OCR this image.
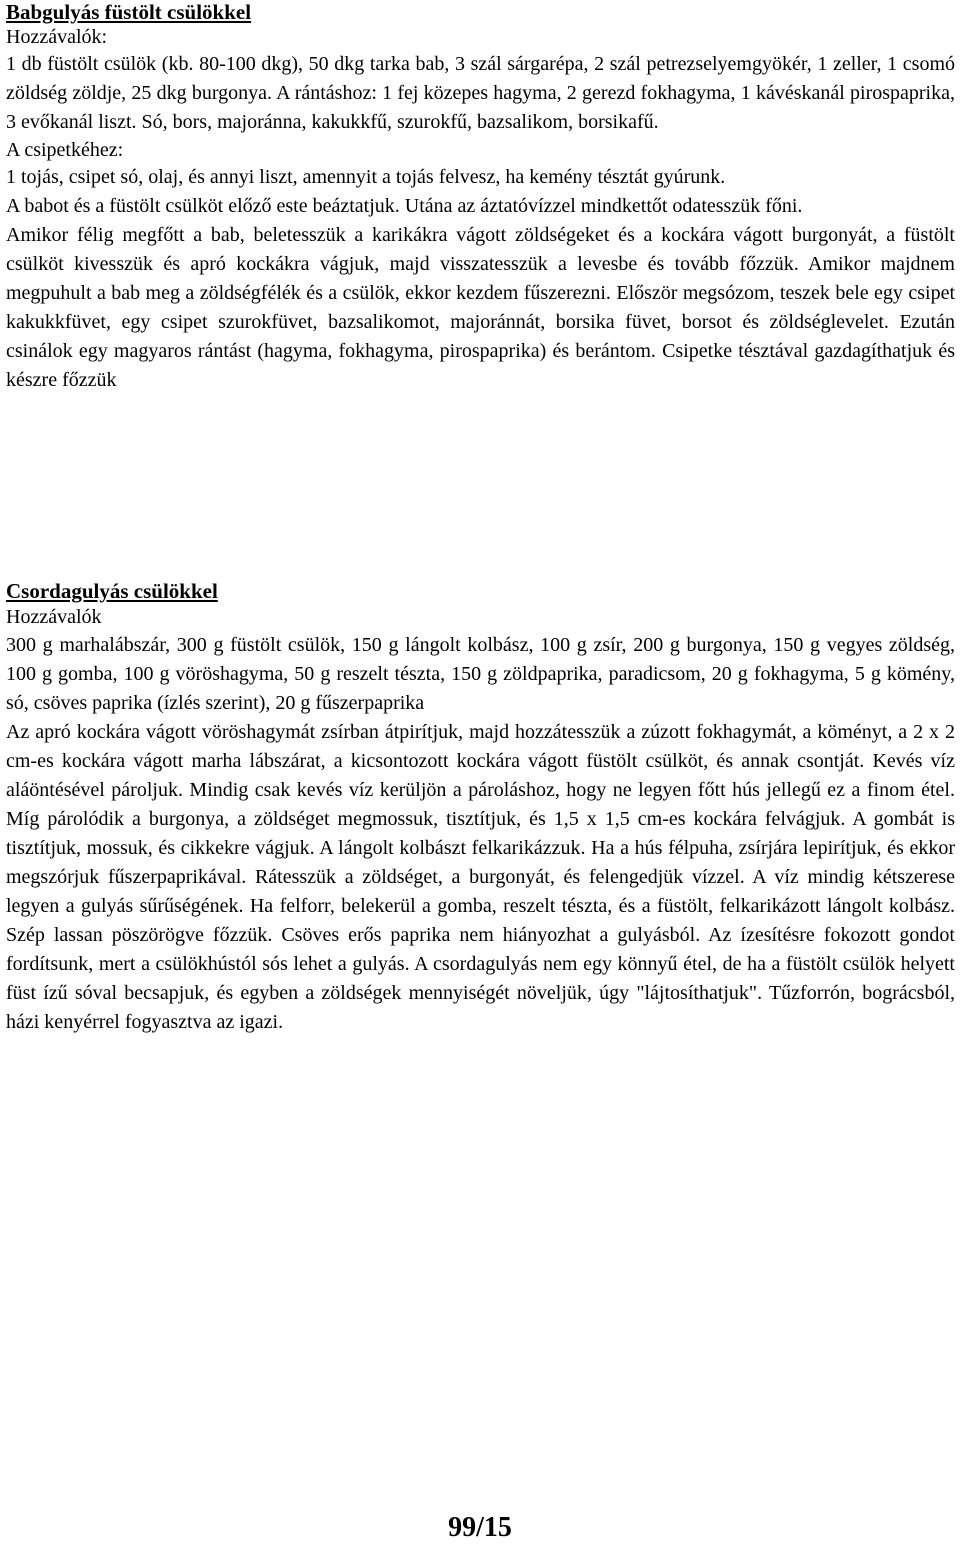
Babgulyás füstölt csülökkel

Hozzávalók:

1 db füstölt csülök (kb. 80-100 dkg), 50 dkg tarka bab, 3 szál sárgarépa, 2 szál petrezselyemgyökér, 1 zeller, 1 csomó zöldség zöldje, 25 dkg burgonya. A rántáshoz: 1 fej közepes hagyma, 2 gerezd fokhagyma, 1 kávéskanál pirospaprika, 3 evőkanál liszt. Só, bors, majoránna, kakukkfű, szurokfű, bazsalikom, borsikafű.

A csipetkéhez:

1 tojás, csipet só, olaj, és annyi liszt, amennyit a tojás felvesz, ha kemény tésztát gyúrunk.

A babot és a füstölt csülköt előző este beáztatjuk. Utána az áztatóvízzel mindkettőt odatesszük főni.

Amikor félig megfőtt a bab, beletesszük a karikákra vágott zöldségeket és a kockára vágott burgonyát, a füstölt csülköt kivesszük és apró kockákra vágjuk, majd visszatesszük a levesbe és tovább főzzük. Amikor majdnem megpuhult a bab meg a zöldségfélék és a csülök, ekkor kezdem fűszerezni. Először megsózom, teszek bele egy csipet kakukkfüvet, egy csipet szurokfüvet, bazsalikomot, majoránnát, borsika füvet, borsot és zöldséglevelet. Ezután csinálok egy magyaros rántást (hagyma, fokhagyma, pirospaprika) és berántom. Csipetke tésztával gazdagíthatjuk és készre főzzük

Csordagulyás csülökkel

Hozzávalók

300 g marhalábszár, 300 g füstölt csülök, 150 g lángolt kolbász, 100 g zsír, 200 g burgonya, 150 g vegyes zöldség, 100 g gomba, 100 g vöröshagyma, 50 g reszelt tészta, 150 g zöldpaprika, paradicsom, 20 g fokhagyma, 5 g kömény, só, csöves paprika (ízlés szerint), 20 g fűszerpaprika

Az apró kockára vágott vöröshagymát zsírban átpirítjuk, majd hozzátesszük a zúzott fokhagymát, a köményt, a 2 x 2 cm-es kockára vágott marha lábszárat, a kicsontozott kockára vágott füstölt csülköt, és annak csontját. Kevés víz aláöntésével pároljuk. Mindig csak kevés víz kerüljön a pároláshoz, hogy ne legyen főtt hús jellegű ez a finom étel. Míg párolódik a burgonya, a zöldséget megmossuk, tisztítjuk, és 1,5 x 1,5 cm-es kockára felvágjuk. A gombát is tisztítjuk, mossuk, és cikkekre vágjuk. A lángolt kolbászt felkarikázzuk. Ha a hús félpuha, zsírjára lepirítjuk, és ekkor megszórjuk fűszerpaprikával. Rátesszük a zöldséget, a burgonyát, és felengedjük vízzel. A víz mindig kétszerese legyen a gulyás sűrűségének. Ha felforr, belekerül a gomba, reszelt tészta, és a füstölt, felkarikázott lángolt kolbász. Szép lassan pöszörögve főzzük. Csöves erős paprika nem hiányozhat a gulyásból. Az ízesítésre fokozott gondot fordítsunk, mert a csülökhústól sós lehet a gulyás. A csordagulyás nem egy könnyű étel, de ha a füstölt csülök helyett füst ízű sóval becsapjuk, és egyben a zöldségek mennyiségét növeljük, úgy "lájtosíthatjuk". Tűzforrón, bográcsból, házi kenyérrel fogyasztva az igazi.

99/15
